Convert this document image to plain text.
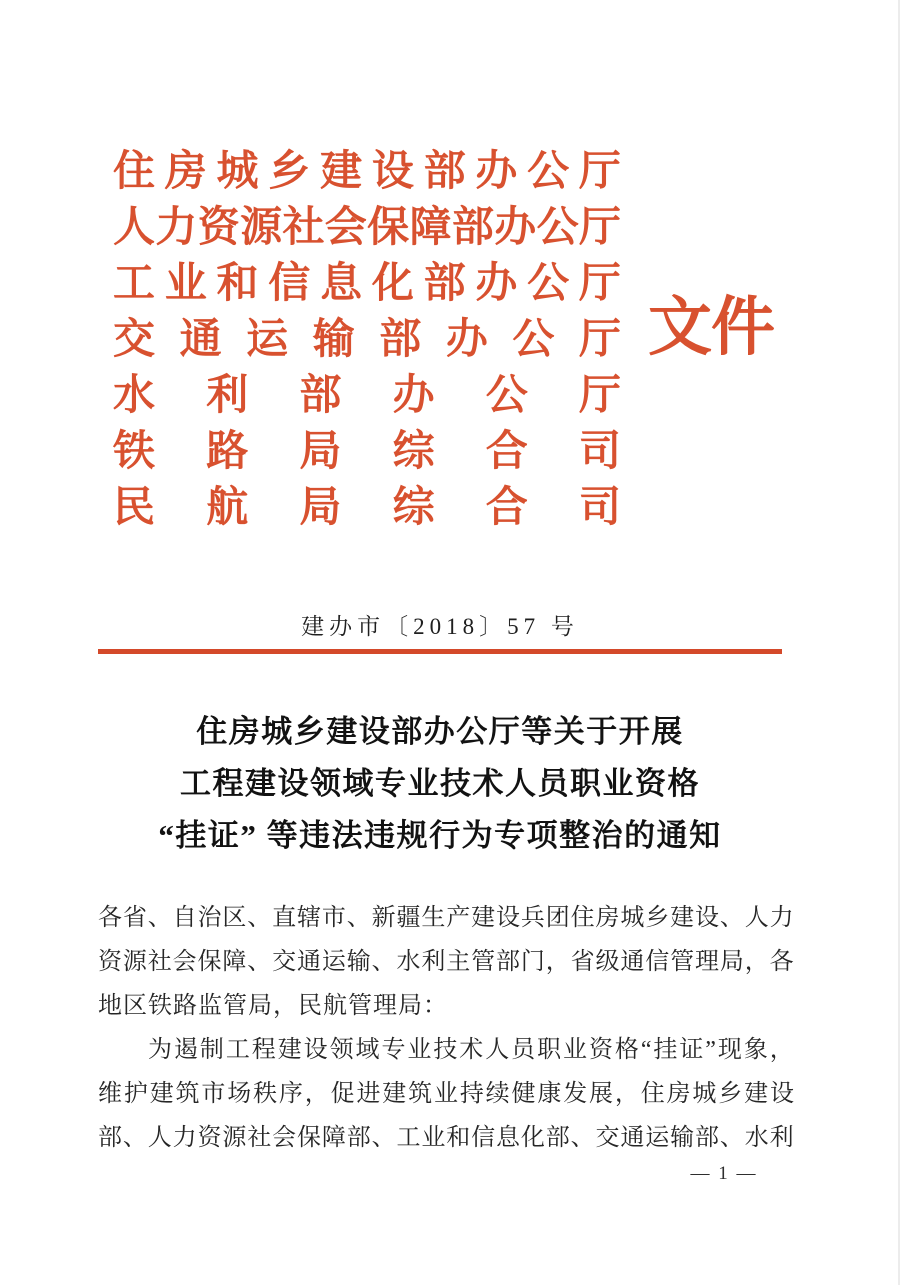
住 房 城 乡 建 设 部 办 公 厅
人 力 资 源 社 会 保 障 部 办 公 厅
工 业 和 信 息 化 部 办 公 厅
交 通 运 输 部 办 公 厅
水 利 部 办 公 厅
铁 路 局 综 合 司
民 航 局 综 合 司
文件
建办市〔2018〕57 号
住房城乡建设部办公厅等关于开展
工程建设领域专业技术人员职业资格
“挂证” 等违法违规行为专项整治的通知
各 省 、 自 治 区 、 直 辖 市 、 新 疆 生 产 建 设 兵 团 住 房 城 乡 建 设 、 人 力
资 源 社 会 保 障 、 交 通 运 输 、 水 利 主 管 部 门 ， 省 级 通 信 管 理 局 ， 各
地区铁路监管局，民航管理局：
为 遏 制 工 程 建 设 领 域 专 业 技 术 人 员 职 业 资 格 “ 挂 证 ” 现 象 ，
维 护 建 筑 市 场 秩 序 ， 促 进 建 筑 业 持 续 健 康 发 展 ， 住 房 城 乡 建 设
部 、 人 力 资 源 社 会 保 障 部 、 工 业 和 信 息 化 部 、 交 通 运 输 部 、 水 利
— 1 —
